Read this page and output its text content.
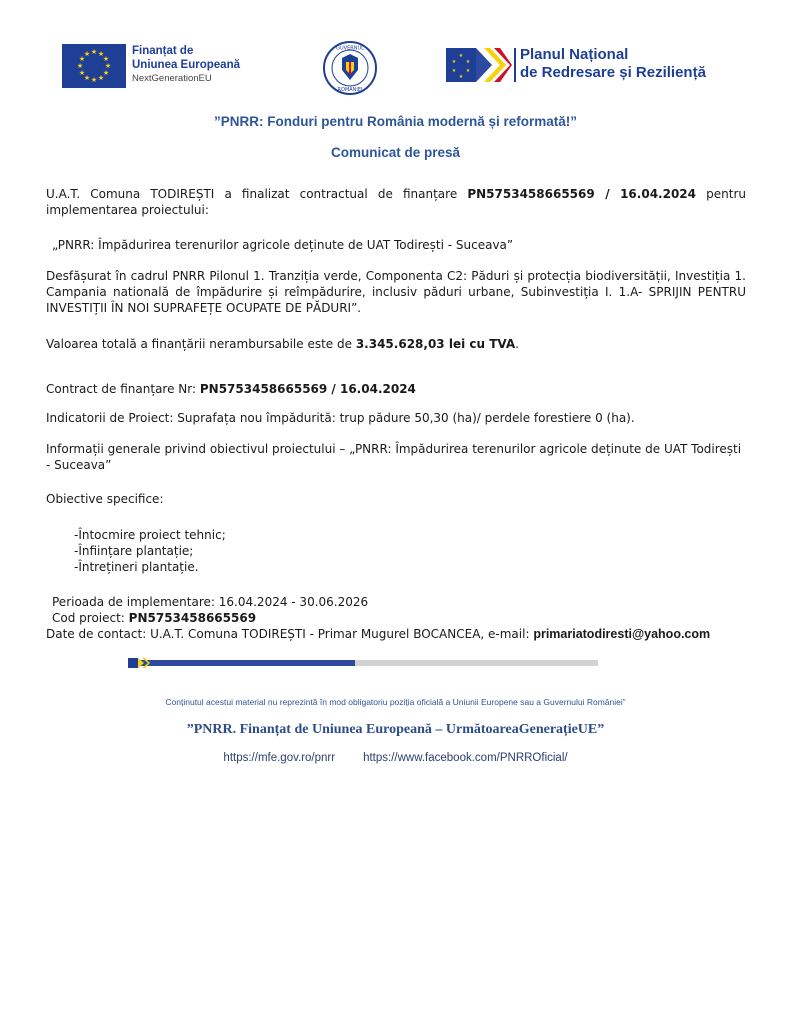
★ ★
★
★
★
★
★
★
★
★
★
★	Finanțat de
Uniunea Europeană
NextGenerationEU
GUVERNUL
ROMÂNIEI
★
★
★
★
★
★	Planul Național
de Redresare și Reziliență
”PNRR: Fonduri pentru România modernă și reformată!”
Comunicat de presă
U.A.T. Comuna TODIREȘTI a finalizat contractual de finanțare PN5753458665569 / 16.04.2024 pentru implementarea proiectului:
„PNRR: Împădurirea terenurilor agricole deținute de UAT Todirești - Suceava”
Desfășurat în cadrul PNRR Pilonul 1. Tranziția verde, Componenta C2: Păduri și protecția biodiversității, Investiția 1. Campania natională de împădurire și reîmpădurire, inclusiv păduri urbane, Subinvestiția I. 1.A- SPRIJIN PENTRU INVESTIȚII ÎN NOI SUPRAFEȚE OCUPATE DE PĂDURI”.
Valoarea totală a finanțării nerambursabile este de 3.345.628,03 lei cu TVA.
Contract de finanțare Nr: PN5753458665569 / 16.04.2024
Indicatorii de Proiect: Suprafața nou împădurită: trup pădure 50,30 (ha)/ perdele forestiere 0 (ha).
Informații generale privind obiectivul proiectului – „PNRR: Împădurirea terenurilor agricole deținute de UAT Todirești - Suceava”
Obiective specifice:
-Întocmire proiect tehnic;
-Înființare plantație;
-Întrețineri plantație.
Perioada de implementare: 16.04.2024 - 30.06.2026
Cod proiect: PN5753458665569
Date de contact: U.A.T. Comuna TODIREȘTI - Primar Mugurel BOCANCEA, e-mail: primariatodiresti@yahoo.com
Conținutul acestui material nu reprezintă în mod obligatoriu poziția oficială a Uniunii Europene sau a Guvernului României”
”PNRR. Finanțat de Uniunea Europeană – UrmătoareaGenerațieUE”
https://mfe.gov.ro/pnrr https://www.facebook.com/PNRROficial/
